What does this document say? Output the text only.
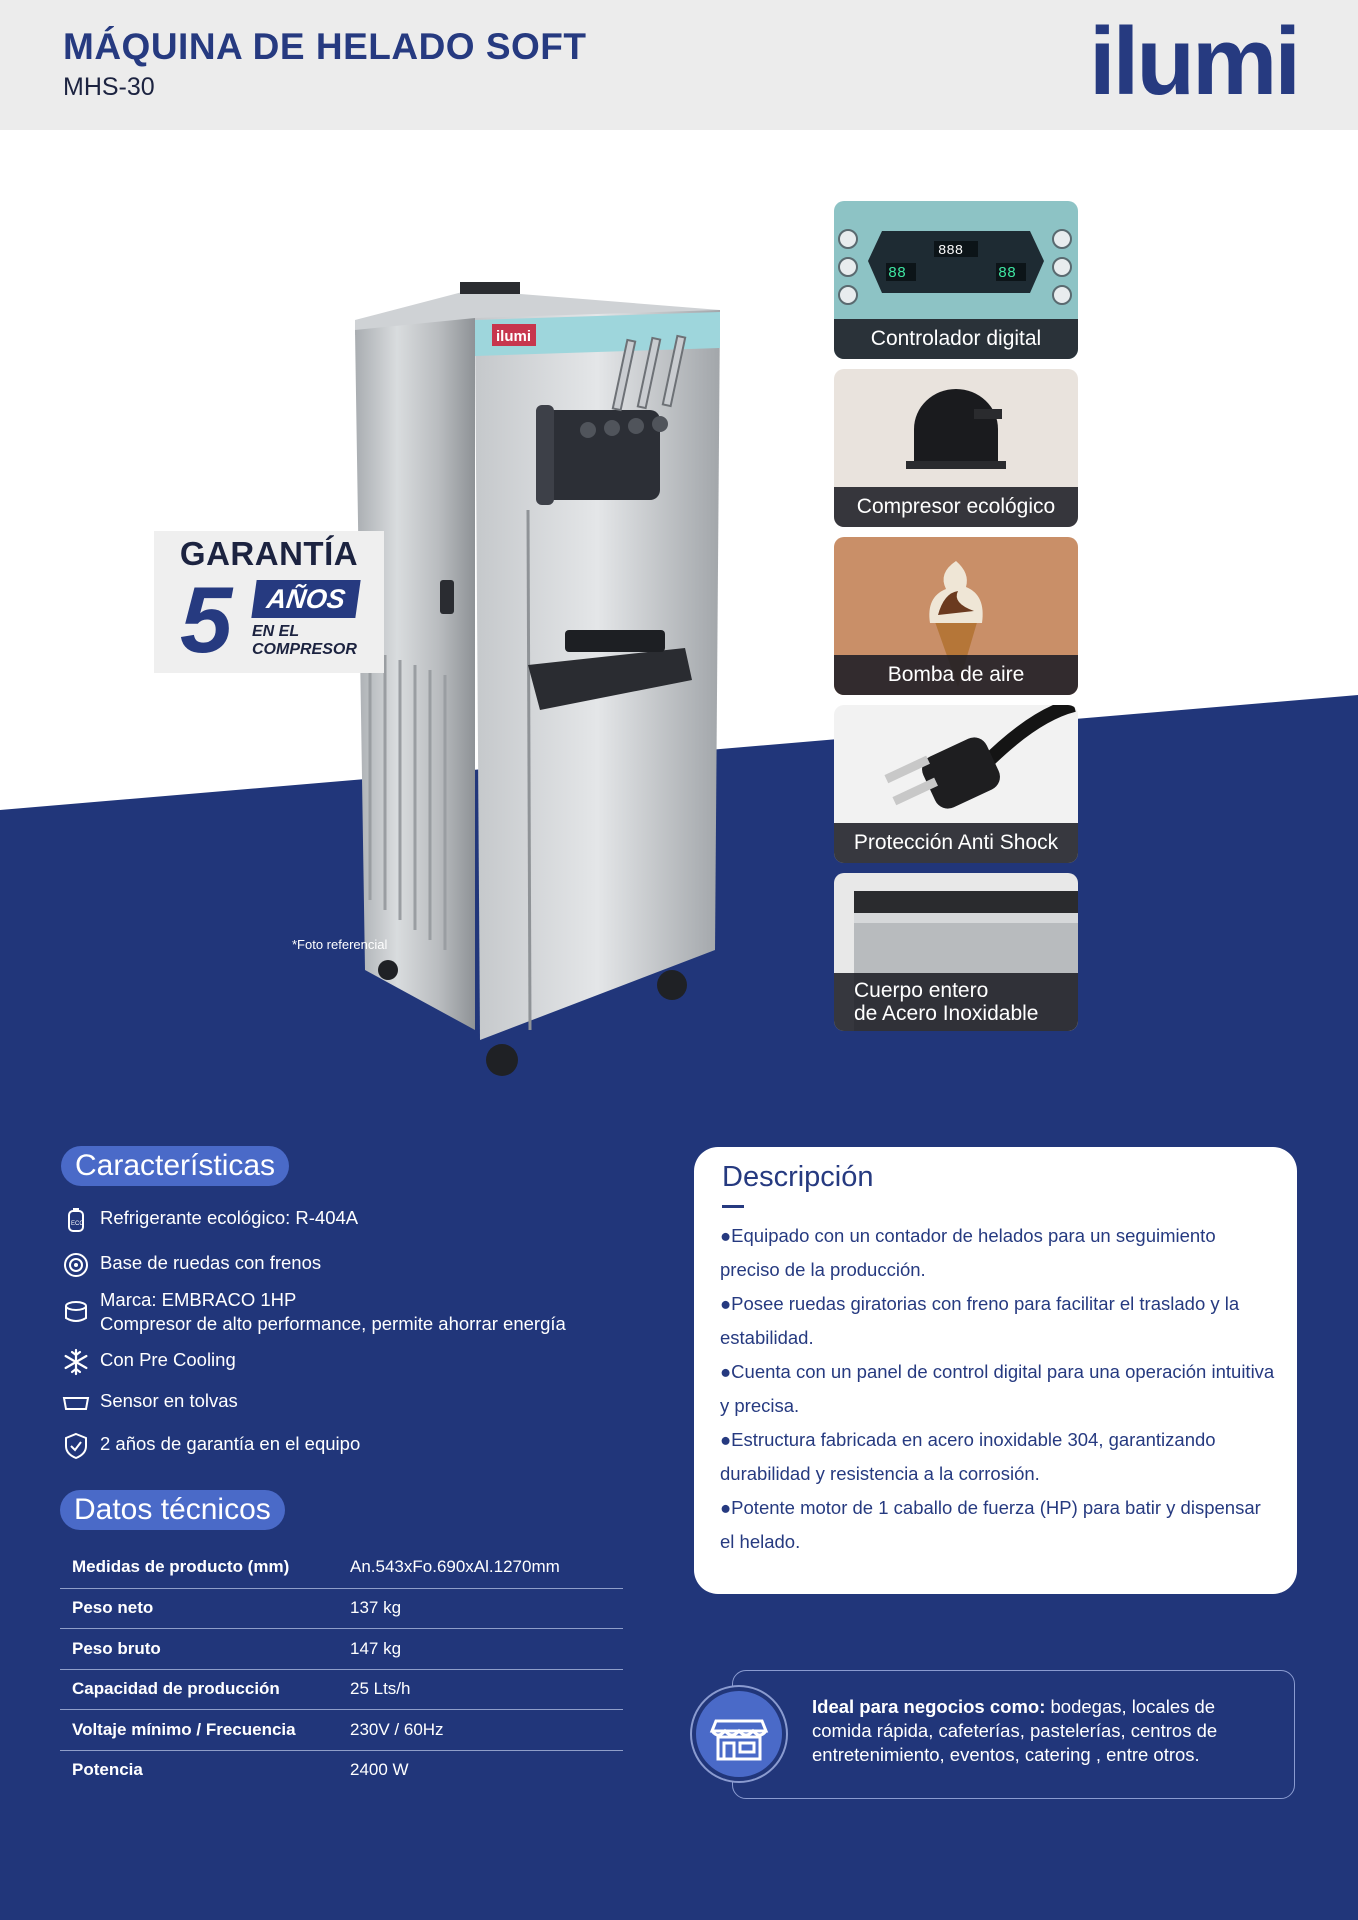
MÁQUINA DE HELADO SOFT
MHS-30	ilumi
ilumi
GARANTÍA
5	AÑOS
EN EL
COMPRESOR
*Foto referencial
888
88	88
Controlador digital
Compresor ecológico
Bomba de aire
Protección Anti Shock
Cuerpo entero
de Acero Inoxidable
Características
ECO Refrigerante ecológico: R-404A
Base de ruedas con frenos
Marca: EMBRACO 1HP
Compresor de alto performance, permite ahorrar energía
Con Pre Cooling
Sensor en tolvas
2 años de garantía en el equipo
Datos técnicos
Medidas de producto (mm)	An.543xFo.690xAl.1270mm
Peso neto	137 kg
Peso bruto	147 kg
Capacidad de producción	25 Lts/h
Voltaje mínimo / Frecuencia	230V / 60Hz
Potencia	2400 W
Descripción
●Equipado con un contador de helados para un seguimiento preciso de la producción.
●Posee ruedas giratorias con freno para facilitar el traslado y la estabilidad.
●Cuenta con un panel de control digital para una operación intuitiva y precisa.
●Estructura fabricada en acero inoxidable 304, garantizando durabilidad y resistencia a la corrosión.
●Potente motor de 1 caballo de fuerza (HP) para batir y dispensar el helado.
Ideal para negocios como: bodegas, locales de comida rápida, cafeterías, pastelerías, centros de entretenimiento, eventos, catering , entre otros.
